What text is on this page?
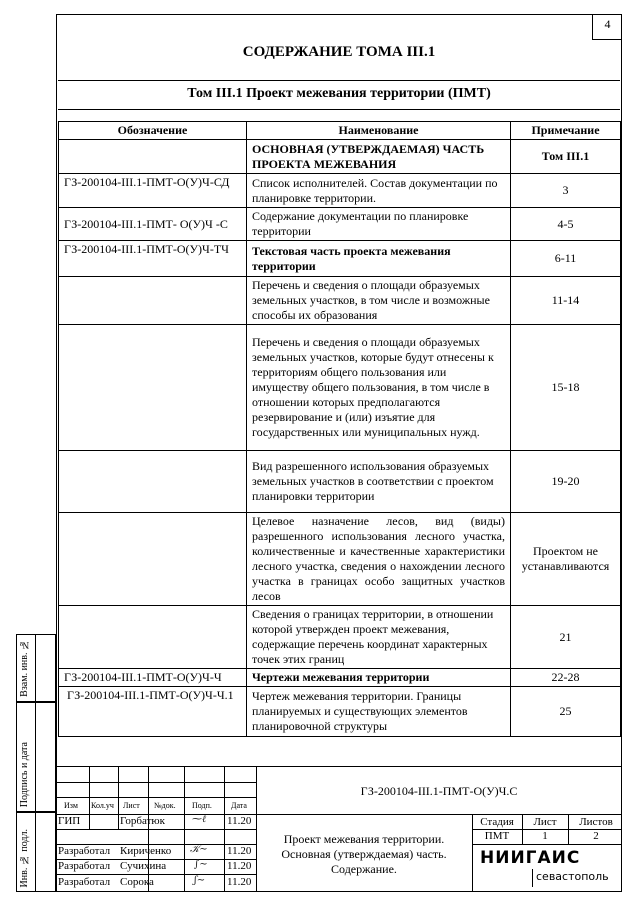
4
СОДЕРЖАНИЕ ТОМА III.1
Том III.1 Проект межевания территории (ПМТ)
Обозначение	Наименование	Примечание
	ОСНОВНАЯ (УТВЕРЖДАЕМАЯ) ЧАСТЬ ПРОЕКТА МЕЖЕВАНИЯ	Том III.1
ГЗ-200104-III.1-ПМТ-О(У)Ч-СД	Список исполнителей. Состав документации по планировке территории.	3
ГЗ-200104-III.1-ПМТ- О(У)Ч -С	Содержание документации по планировке территории	4-5
ГЗ-200104-III.1-ПМТ-О(У)Ч-ТЧ	Текстовая часть проекта межевания территории	6-11
	Перечень и сведения о площади образуемых земельных участков, в том числе и возможные способы их образования	11-14
	Перечень и сведения о площади образуемых земельных участков, которые будут отнесены к территориям общего пользования или имуществу общего пользования, в том числе в отношении которых предполагаются резервирование и (или) изъятие для государственных или муниципальных нужд.	15-18
	Вид разрешенного использования образуемых земельных участков в соответствии с проектом планировки территории	19-20
	Целевое назначение лесов, вид (виды) разрешенного использования лесного участка, количественные и качественные характеристики лесного участка, сведения о нахождении лесного участка в границах особо защитных участков лесов	Проектом не устанавливаются
	Сведения о границах территории, в отношении которой утвержден проект межевания, содержащие перечень координат характерных точек этих границ	21
ГЗ-200104-III.1-ПМТ-О(У)Ч-Ч	Чертежи межевания территории	22-28
ГЗ-200104-III.1-ПМТ-О(У)Ч-Ч.1	Чертеж межевания территории. Границы планируемых и существующих элементов планировочной структуры	25
Взам. инв. №
Подпись и дата
Инв. № подл.
Изм Кол.уч Лист №док. Подп. Дата
ГЗ-200104-III.1-ПМТ-О(У)Ч.С
ГИП	Горбатюк	⁓ℓ 11.20
Разработал Кириченко 𝒦∼ 11.20
Разработал Сучихина	∫∼ 11.20
Разработал Сорока	ʃ∼ 11.20
Проект межевания территории.
Основная (утверждаемая) часть.
Содержание.
Стадия	Лист	Листов
ПМТ	1	2
НИИГАИС
севастополь
